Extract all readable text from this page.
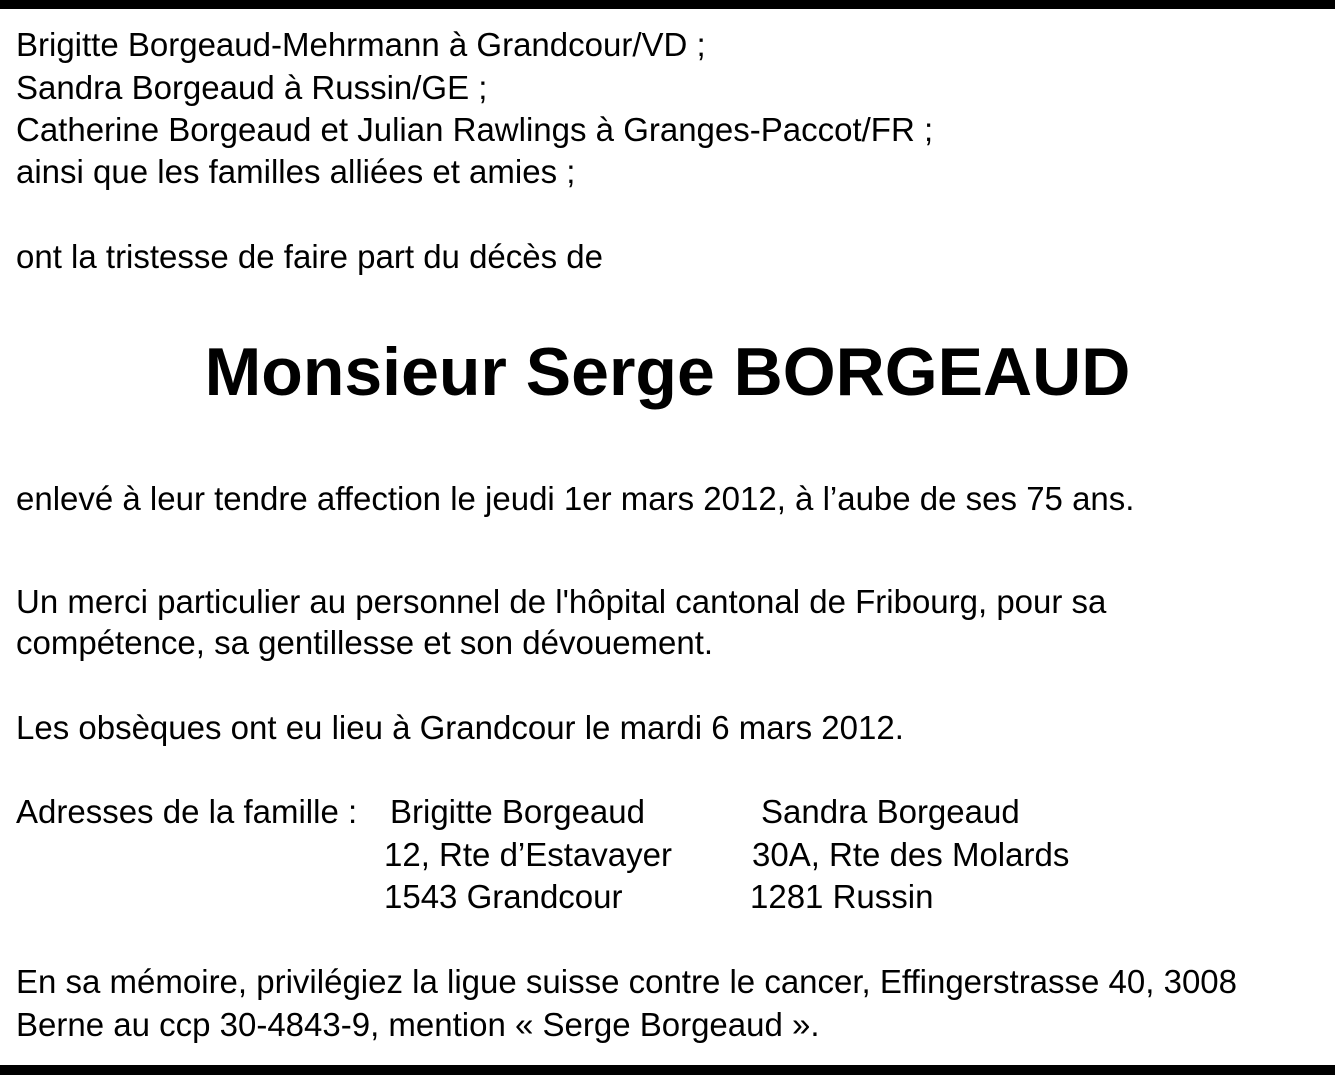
Brigitte Borgeaud-Mehrmann à Grandcour/VD ;
Sandra Borgeaud à Russin/GE ;
Catherine Borgeaud et Julian Rawlings à Granges-Paccot/FR ;
ainsi que les familles alliées et amies ;
ont la tristesse de faire part du décès de
Monsieur Serge BORGEAUD
enlevé à leur tendre affection le jeudi 1er mars 2012, à l’aube de ses 75 ans.
Un merci particulier au personnel de l'hôpital cantonal de Fribourg, pour sa
compétence, sa gentillesse et son dévouement.
Les obsèques ont eu lieu à Grandcour le mardi 6 mars 2012.
Adresses de la famille : Brigitte Borgeaud
12, Rte d’Estavayer
1543 Grandcour
Sandra Borgeaud
30A, Rte des Molards
1281 Russin
En sa mémoire, privilégiez la ligue suisse contre le cancer, Effingerstrasse 40, 3008
Berne au ccp 30-4843-9, mention « Serge Borgeaud ».
